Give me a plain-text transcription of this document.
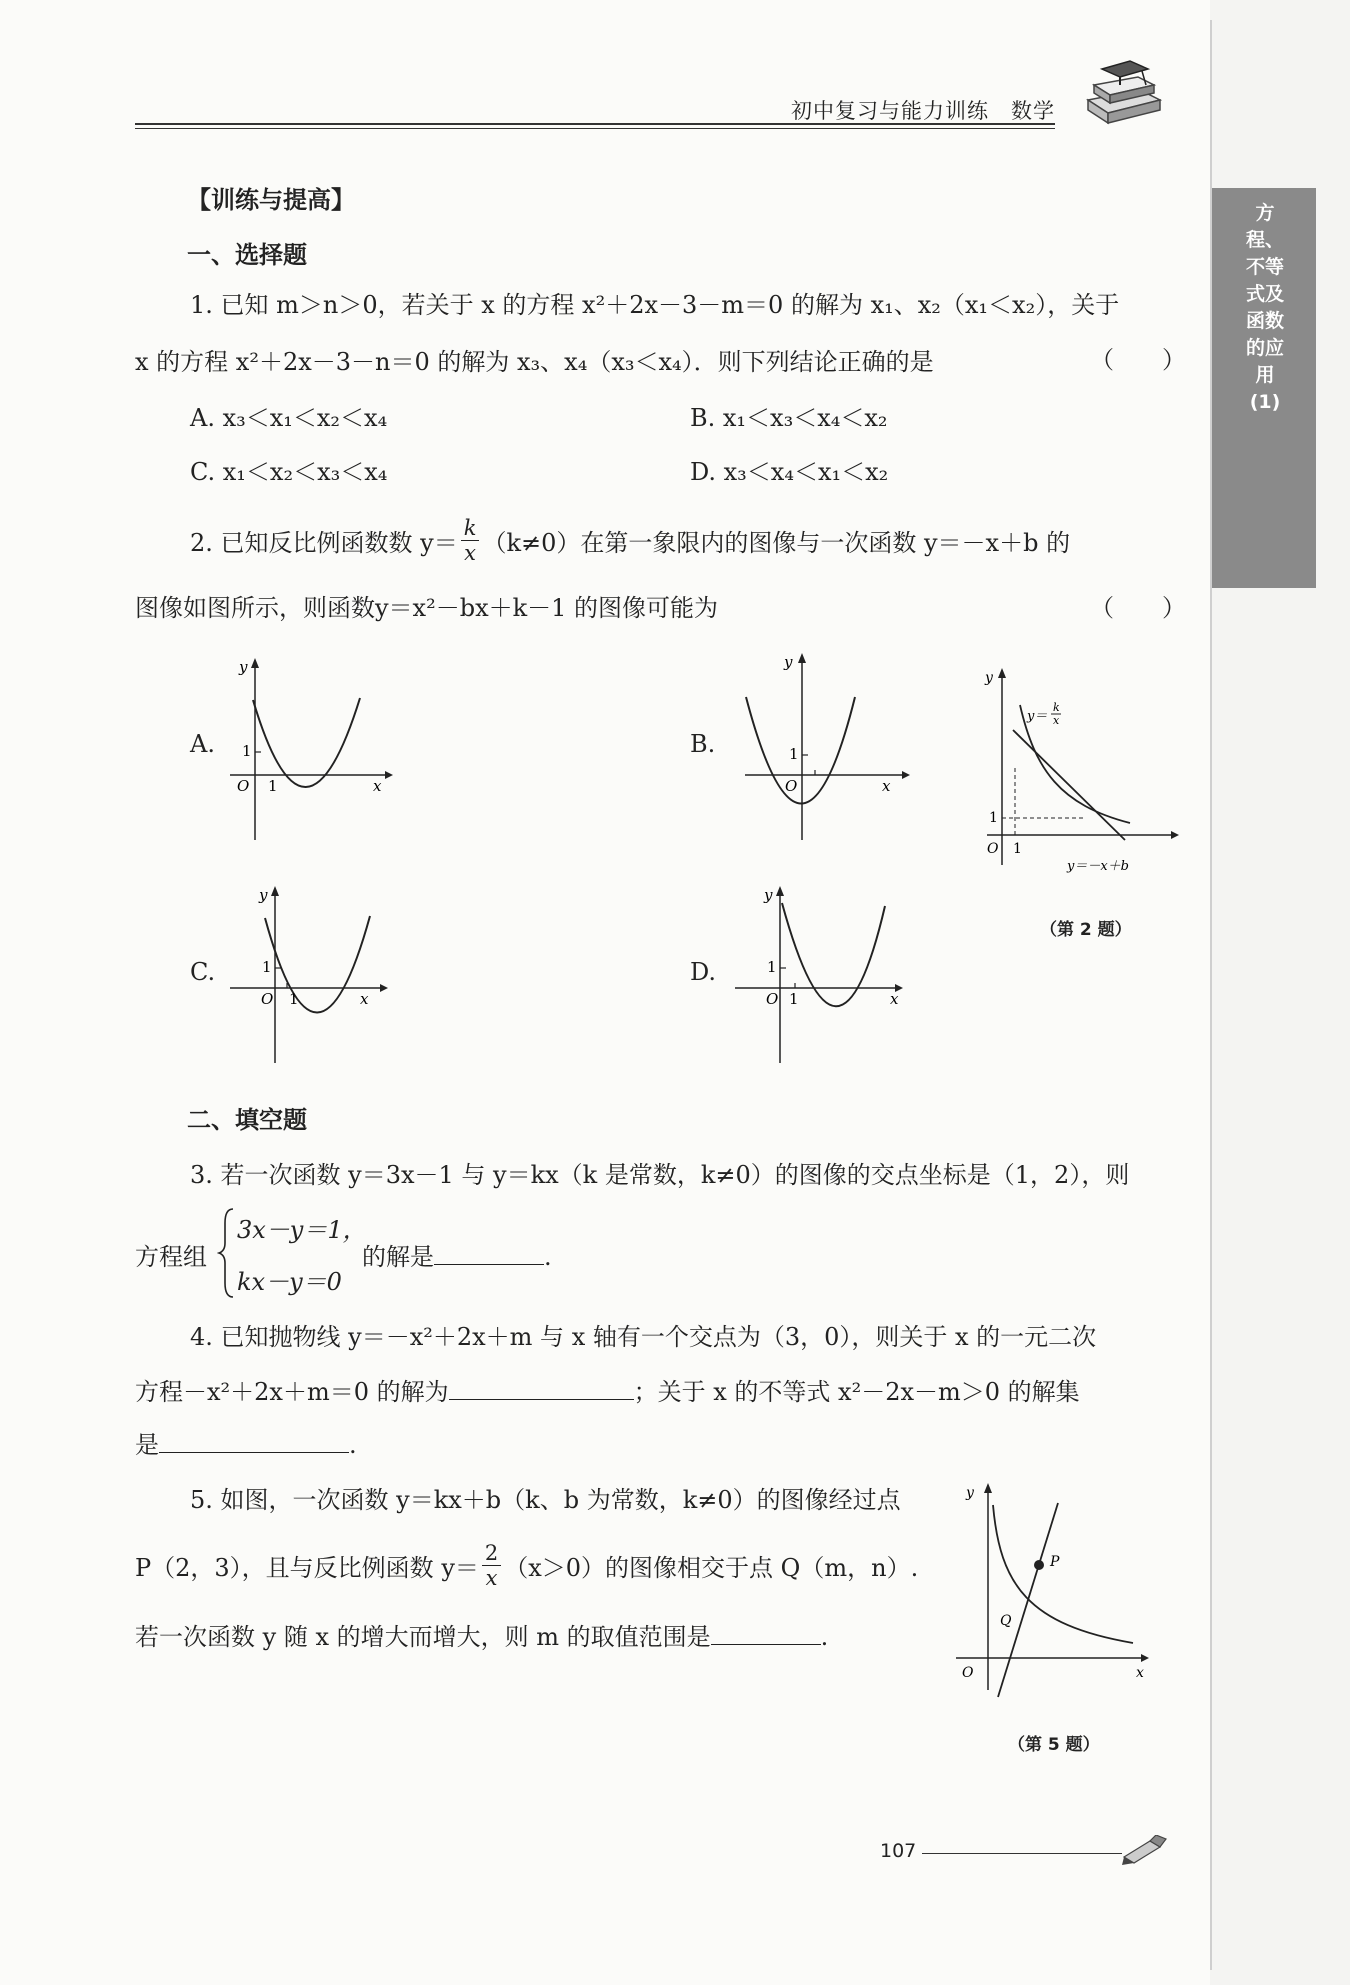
初中复习与能力训练　数学
方程、不等式及函数的应用(1)
【训练与提高】
一、选择题
1. 已知 m＞n＞0，若关于 x 的方程 x²＋2x－3－m＝0 的解为 x₁、x₂（x₁＜x₂），关于
x 的方程 x²＋2x－3－n＝0 的解为 x₃、x₄（x₃＜x₄）．则下列结论正确的是	（　　）
A. x₃＜x₁＜x₂＜x₄	B. x₁＜x₃＜x₄＜x₂
C. x₁＜x₂＜x₃＜x₄	D. x₃＜x₄＜x₁＜x₂
2. 已知反比例函数数 $y= \frac{k}{x} (k\ne 0)$在第一象限内的图像与一次函数 y＝－x＋b 的
图像如图所示，则函数y＝x²－bx＋k－1 的图像可能为	（　　）
A.	B.
C.	D.
y
x
O
1
1
y
x
O
1
y
x
O
1
1
y
x
O
1
1
y
O
1
1
y＝
k
x
y＝－x＋b
（第 2 题）
二、填空题
3. 若一次函数 y＝3x－1 与 y＝kx（k 是常数，k≠0）的图像的交点坐标是（1，2），则
方程组
3x－y＝1，
kx－y＝0
的解是	.
4. 已知抛物线 y＝－x²＋2x＋m 与 x 轴有一个交点为（3，0），则关于 x 的一元二次
方程－x²＋2x＋m＝0 的解为	；关于 x 的不等式 x²－2x－m＞0 的解集
是	.
5. 如图，一次函数 y＝kx＋b（k、b 为常数，k≠0）的图像经过点
P（2，3），且与反比例函数 $y= \frac{2}{x} (x>0)$的图像相交于点 Q（m，n）.
若一次函数 y 随 x 的增大而增大，则 m 的取值范围是	.
y
x
O
P
Q
（第 5 题）
107
